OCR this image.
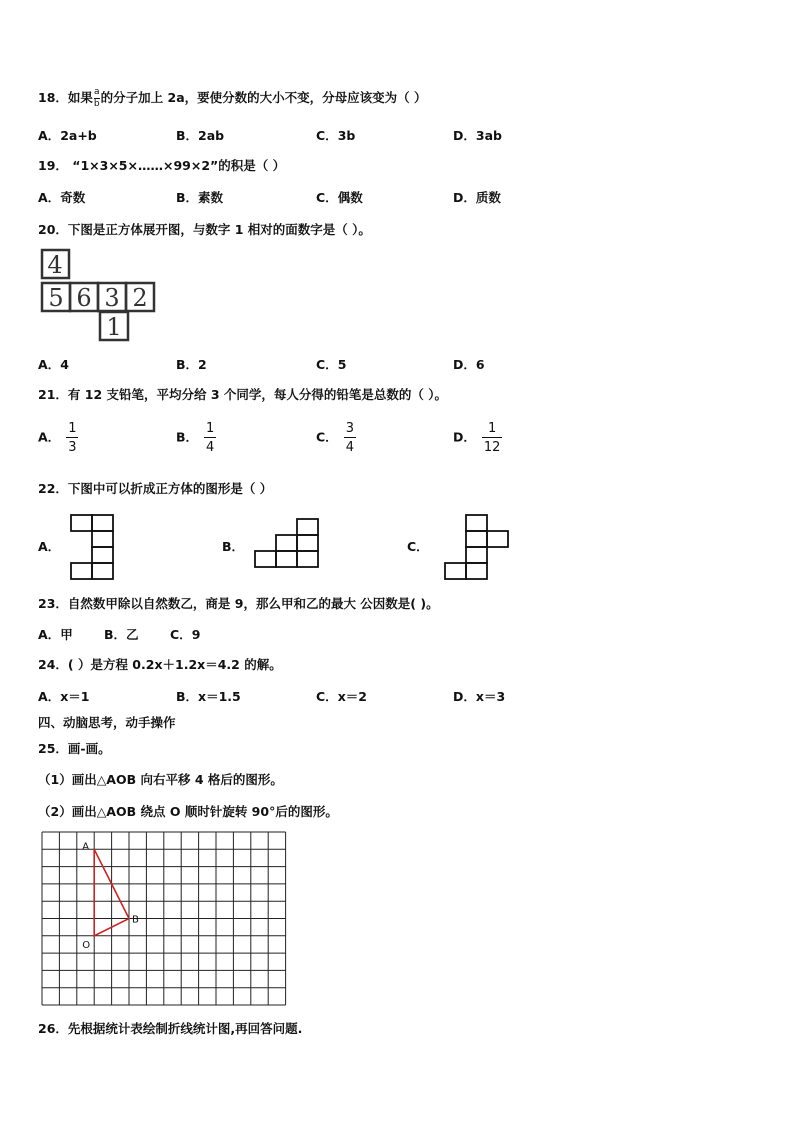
18．如果 $\frac{a}{b}$ 的分子加上 2a，要使分数的大小不变，分母应该变为（ ）
A．2a+b	B．2ab	C．3b	D．3ab
19． “1×3×5×……×99×2”的积是（ ）
A．奇数	B．素数	C．偶数	D．质数
20．下图是正方体展开图，与数字 1 相对的面数字是（ ）。
4
5 6 3 2
1
A．4	B．2	C．5	D．6
21．有 12 支铅笔，平均分给 3 个同学，每人分得的铅笔是总数的（ ）。
A． $\frac{1}{3}$	B． $\frac{1}{4}$	C． $\frac{3}{4}$	D． $\frac{1}{12}$
22．下图中可以折成正方体的图形是（ ）
A．	B．	C．
23．自然数甲除以自然数乙，商是 9，那么甲和乙的最大 公因数是( )。
A．甲	B．乙	C．9
24．( ）是方程 0.2x＋1.2x＝4.2 的解。
A．x＝1	B．x＝1.5	C．x＝2	D．x＝3
四、动脑思考，动手操作
25．画-画。
（1）画出△AOB 向右平移 4 格后的图形。
（2）画出△AOB 绕点 O 顺时针旋转 90°后的图形。
A
B
O
26．先根据统计表绘制折线统计图,再回答问题.
